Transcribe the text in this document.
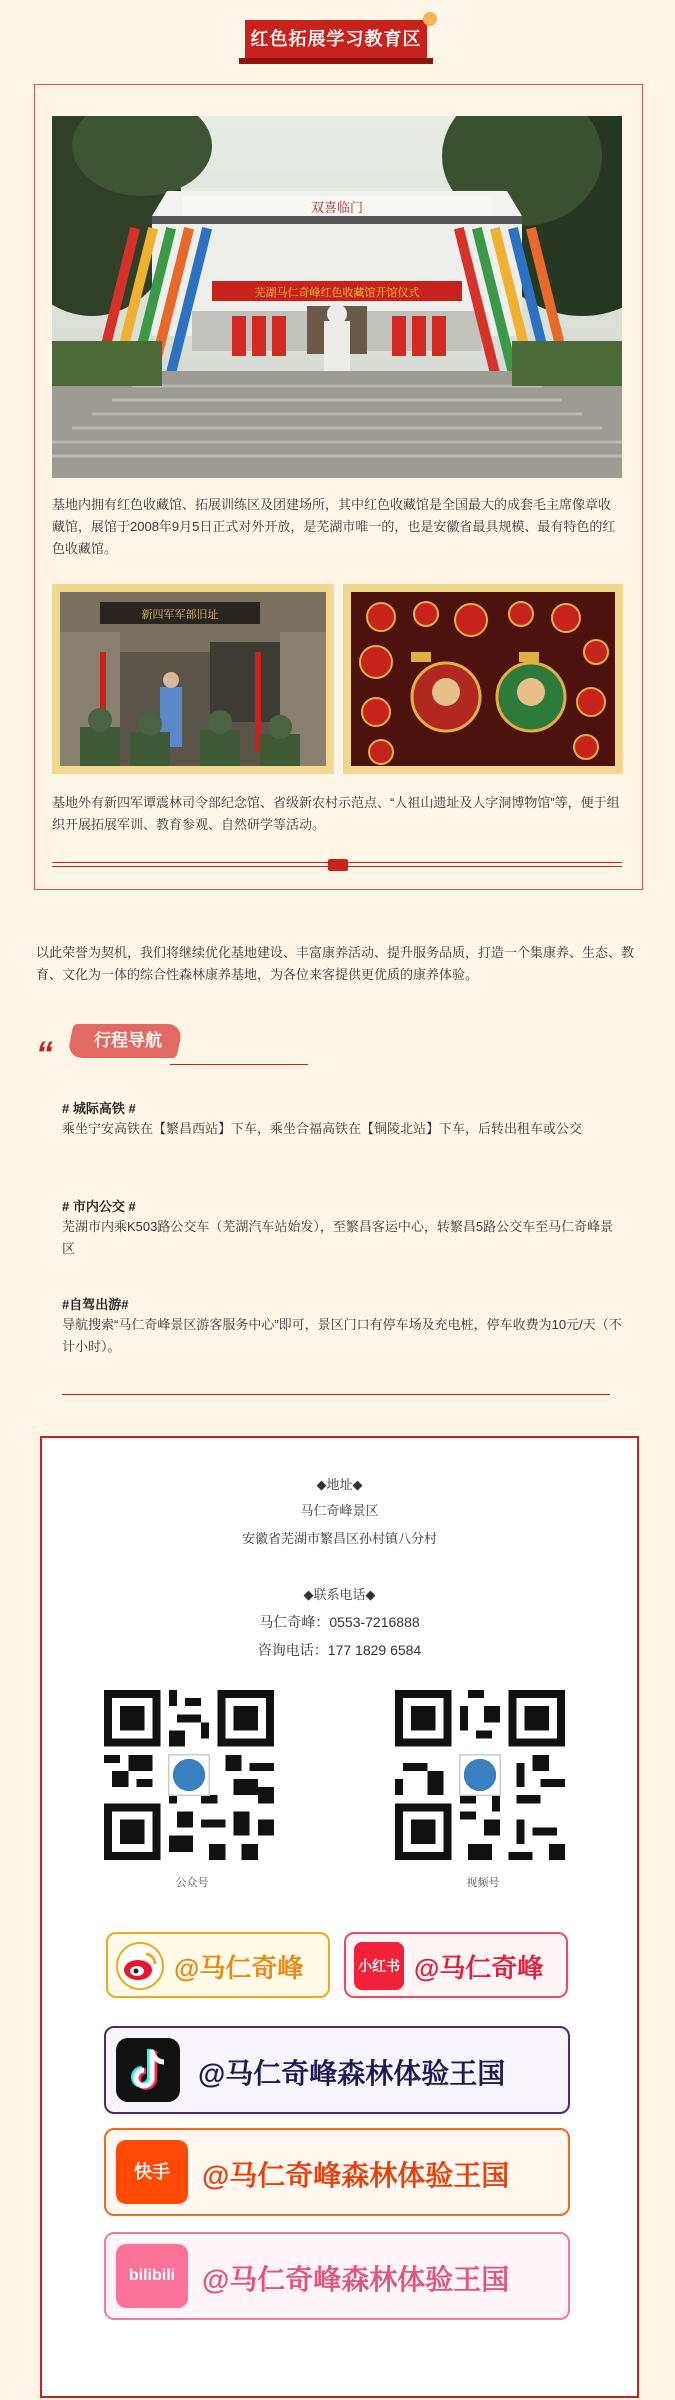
红色拓展学习教育区
双喜临门
芜湖马仁奇峰红色收藏馆开馆仪式
基地内拥有红色收藏馆、拓展训练区及团建场所，其中红色收藏馆是全国最大的成套毛主席像章收藏馆，展馆于2008年9月5日正式对外开放，是芜湖市唯一的，也是安徽省最具规模、最有特色的红色收藏馆。
新四军军部旧址
基地外有新四军谭震林司令部纪念馆、省级新农村示范点、“人祖山遗址及人字洞博物馆”等，便于组织开展拓展军训、教育参观、自然研学等活动。
以此荣誉为契机，我们将继续优化基地建设、丰富康养活动、提升服务品质，打造一个集康养、生态、教育、文化为一体的综合性森林康养基地，为各位来客提供更优质的康养体验。
行程导航
“
# 城际高铁 #
乘坐宁安高铁在【繁昌西站】下车，乘坐合福高铁在【铜陵北站】下车，后转出租车或公交
# 市内公交 #
芜湖市内乘K503路公交车（芜湖汽车站始发），至繁昌客运中心，转繁昌5路公交车至马仁奇峰景区
#自驾出游#
导航搜索“马仁奇峰景区游客服务中心”即可，景区门口有停车场及充电桩，停车收费为10元/天（不计小时）。
◆地址◆
马仁奇峰景区
安徽省芜湖市繁昌区孙村镇八分村
◆联系电话◆
马仁奇峰：0553-7216888
咨询电话：177 1829 6584
公众号	视频号
@马仁奇峰	小红书 @马仁奇峰
@马仁奇峰森林体验王国
快手	@马仁奇峰森林体验王国
bilibili @马仁奇峰森林体验王国
